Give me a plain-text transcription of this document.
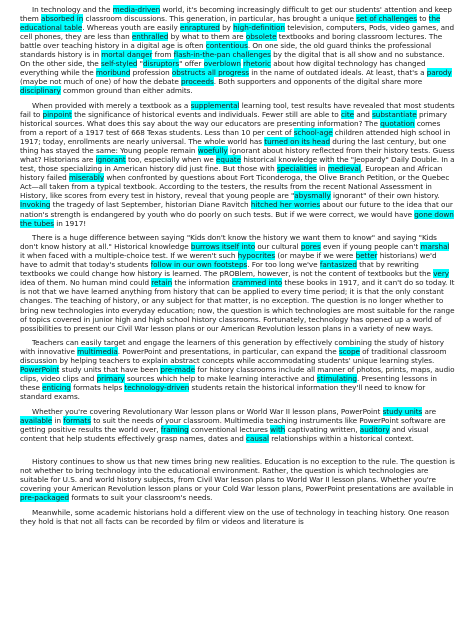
In technology and the media-driven world, it's becoming increasingly difficult to get our students' attention and keep them absorbed in classroom discussions. This generation, in particular, has brought a unique set of challenges to the educational table. Whereas youth are easily enraptured by high-definition television, computers, Pods, video games, and cell phones, they are less than enthralled by what to them are obsolete textbooks and boring classroom lectures. The battle over teaching history in a digital age is often contentious. On one side, the old guard thinks the professional standards history is in mortal danger from flash-in-the-pan challenges by the digital that is all show and no substance. On the other side, the self-styled "disruptors" offer overblown rhetoric about how digital technology has changed everything while the moribund profession obstructs all progress in the name of outdated ideals. At least, that's a parody (maybe not much of one) of how the debate proceeds. Both supporters and opponents of the digital share more disciplinary common ground than either admits.

When provided with merely a textbook as a supplemental learning tool, test results have revealed that most students fail to pinpoint the significance of historical events and individuals. Fewer still are able to cite and substantiate primary historical sources. What does this say about the way our educators are presenting information? The quotation comes from a report of a 1917 test of 668 Texas students. Less than 10 per cent of school-age children attended high school in 1917; today, enrollments are nearly universal. The whole world has turned on its head during the last century, but one thing has stayed the same: Young people remain woefully ignorant about history reflected from their history tests. Guess what? Historians are ignorant too, especially when we equate historical knowledge with the "Jeopardy" Daily Double. In a test, those specializing in American history did just fine. But those with specialities in medieval, European and African history failed miserably when confronted by questions about Fort Ticonderoga, the Olive Branch Petition, or the Quebec Act—all taken from a typical textbook. According to the testers, the results from the recent National Assessment in History, like scores from every test in history, reveal that young people are "abysmally ignorant" of their own history. Invoking the tragedy of last September, historian Diane Ravitch hitched her worries about our future to the idea that our nation's strength is endangered by youth who do poorly on such tests. But if we were correct, we would have gone down the tubes in 1917!

There is a huge difference between saying "Kids don't know the history we want them to know" and saying "Kids don't know history at all." Historical knowledge burrows itself into our cultural pores even if young people can't marshal it when faced with a multiple-choice test. If we weren't such hypocrites (or maybe if we were better historians) we'd have to admit that today's students follow in our own footsteps. For too long we've fantasized that by rewriting textbooks we could change how history is learned. The pROBlem, however, is not the content of textbooks but the very idea of them. No human mind could retain the information crammed into these books in 1917, and it can't do so today. It is not that we have learned anything from history that can be applied to every time period; it is that the only constant changes. The teaching of history, or any subject for that matter, is no exception. The question is no longer whether to bring new technologies into everyday education; now, the question is which technologies are most suitable for the range of topics covered in junior high and high school history classrooms. Fortunately, technology has opened up a world of possibilities to present our Civil War lesson plans or our American Revolution lesson plans in a variety of new ways.

Teachers can easily target and engage the learners of this generation by effectively combining the study of history with innovative multimedia. PowerPoint and presentations, in particular, can expand the scope of traditional classroom discussion by helping teachers to explain abstract concepts while accommodating students' unique learning styles. PowerPoint study units that have been pre-made for history classrooms include all manner of photos, prints, maps, audio clips, video clips and primary sources which help to make learning interactive and stimulating. Presenting lessons in these enticing formats helps technology-driven students retain the historical information they'll need to know for standard exams.

Whether you're covering Revolutionary War lesson plans or World War II lesson plans, PowerPoint study units are available in formats to suit the needs of your classroom. Multimedia teaching instruments like PowerPoint software are getting positive results the world over, framing conventional lectures with captivating written, auditory and visual content that help students effectively grasp names, dates and causal relationships within a historical context.

History continues to show us that new times bring new realities. Education is no exception to the rule. The question is not whether to bring technology into the educational environment. Rather, the question is which technologies are suitable for U.S. and world history subjects, from Civil War lesson plans to World War II lesson plans. Whether you're covering your American Revolution lesson plans or your Cold War lesson plans, PowerPoint presentations are available in pre-packaged formats to suit your classroom's needs.

Meanwhile, some academic historians hold a different view on the use of technology in teaching history. One reason they hold is that not all facts can be recorded by film or videos and literature is
